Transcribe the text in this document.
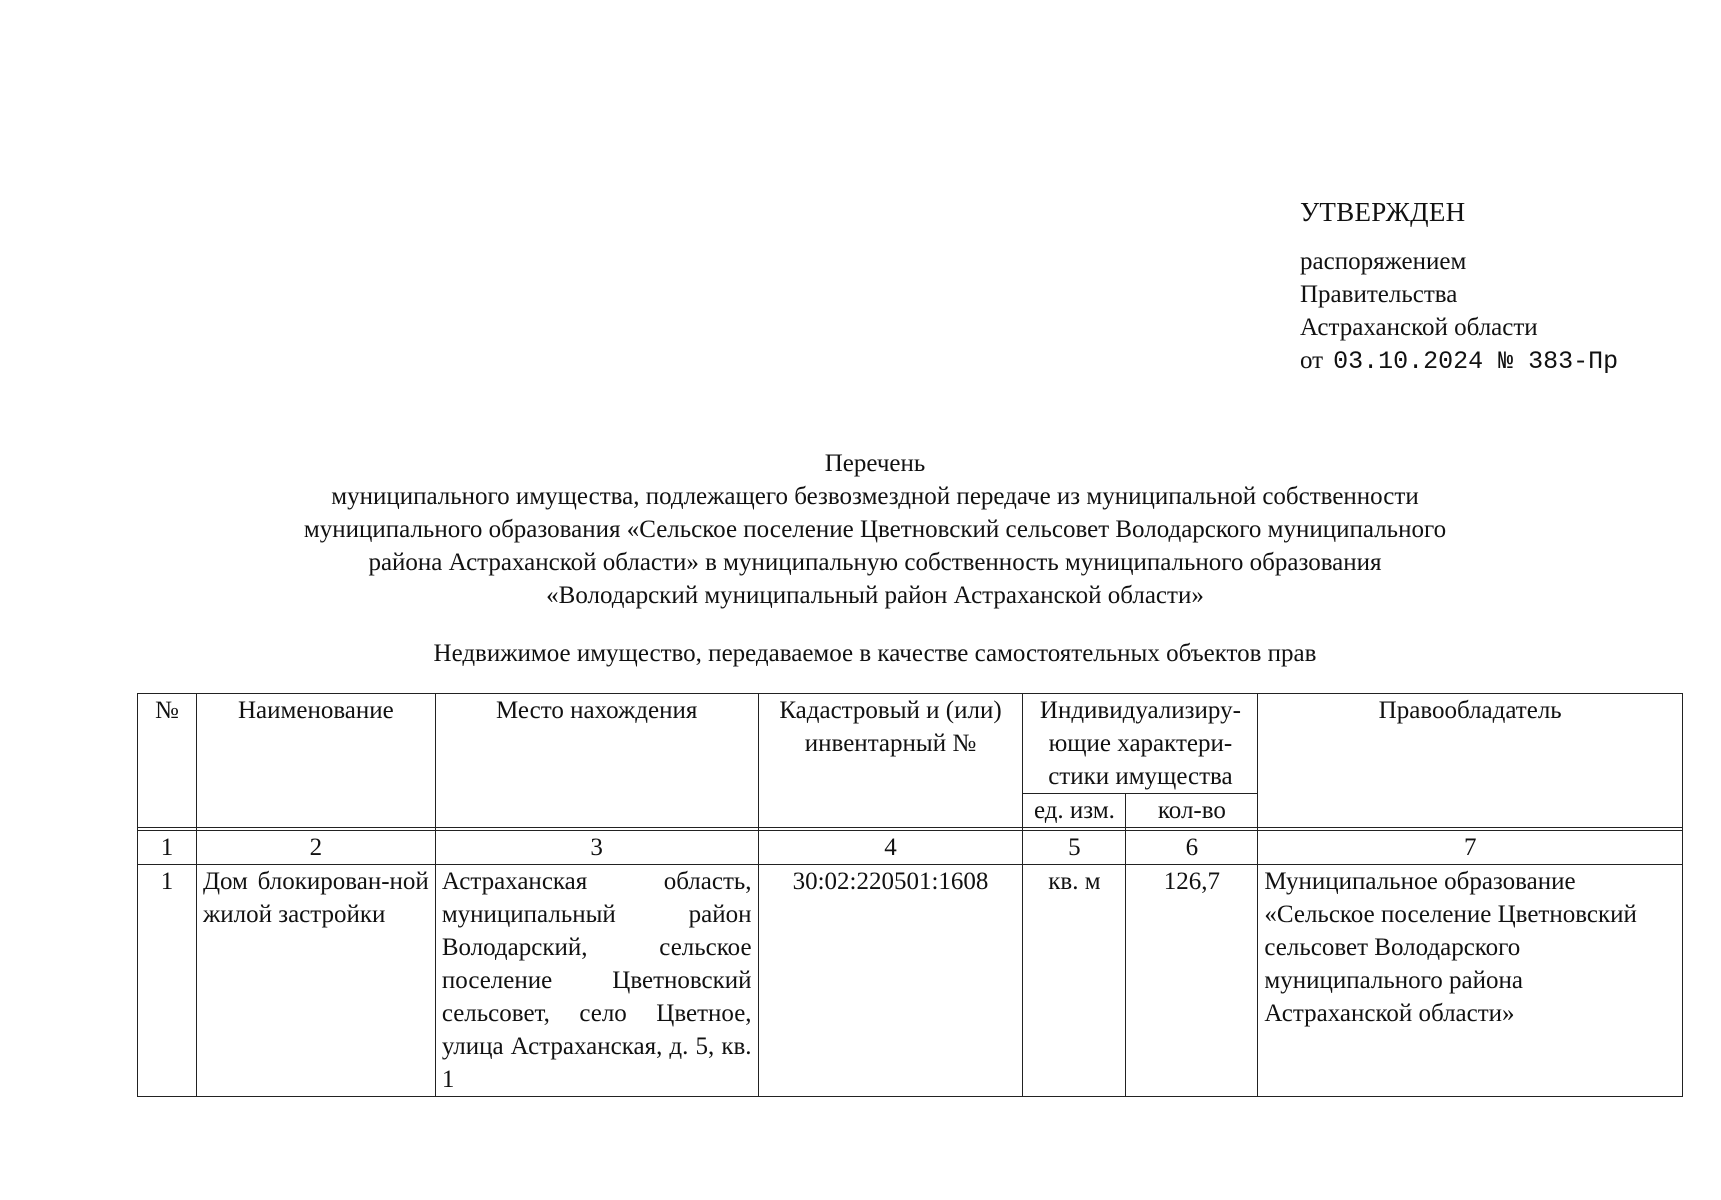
УТВЕРЖДЕН
распоряжением
Правительства
Астраханской области
от 03.10.2024 № 383-Пр
Перечень
муниципального имущества, подлежащего безвозмездной передаче из муниципальной собственности
муниципального образования «Сельское поселение Цветновский сельсовет Володарского муниципального
района Астраханской области» в муниципальную собственность муниципального образования
«Володарский муниципальный район Астраханской области»
Недвижимое имущество, передаваемое в качестве самостоятельных объектов прав
№	Наименование	Место нахождения	Кадастровый и (или) инвентарный №	Индивидуализиру-ющие характери-стики имущества		Правообладатель
				ед. изм.	кол-во	

1	2	3	4	5	6	7
1	Дом блокирован-ной жилой застройки	Астраханская область, муниципальный район Володарский, сельское поселение Цветновский сельсовет, село Цветное, улица Астраханская, д. 5, кв. 1	30:02:220501:1608	кв. м	126,7	Муниципальное образование «Сельское поселение Цветновский сельсовет Володарского муниципального района Астраханской области»
